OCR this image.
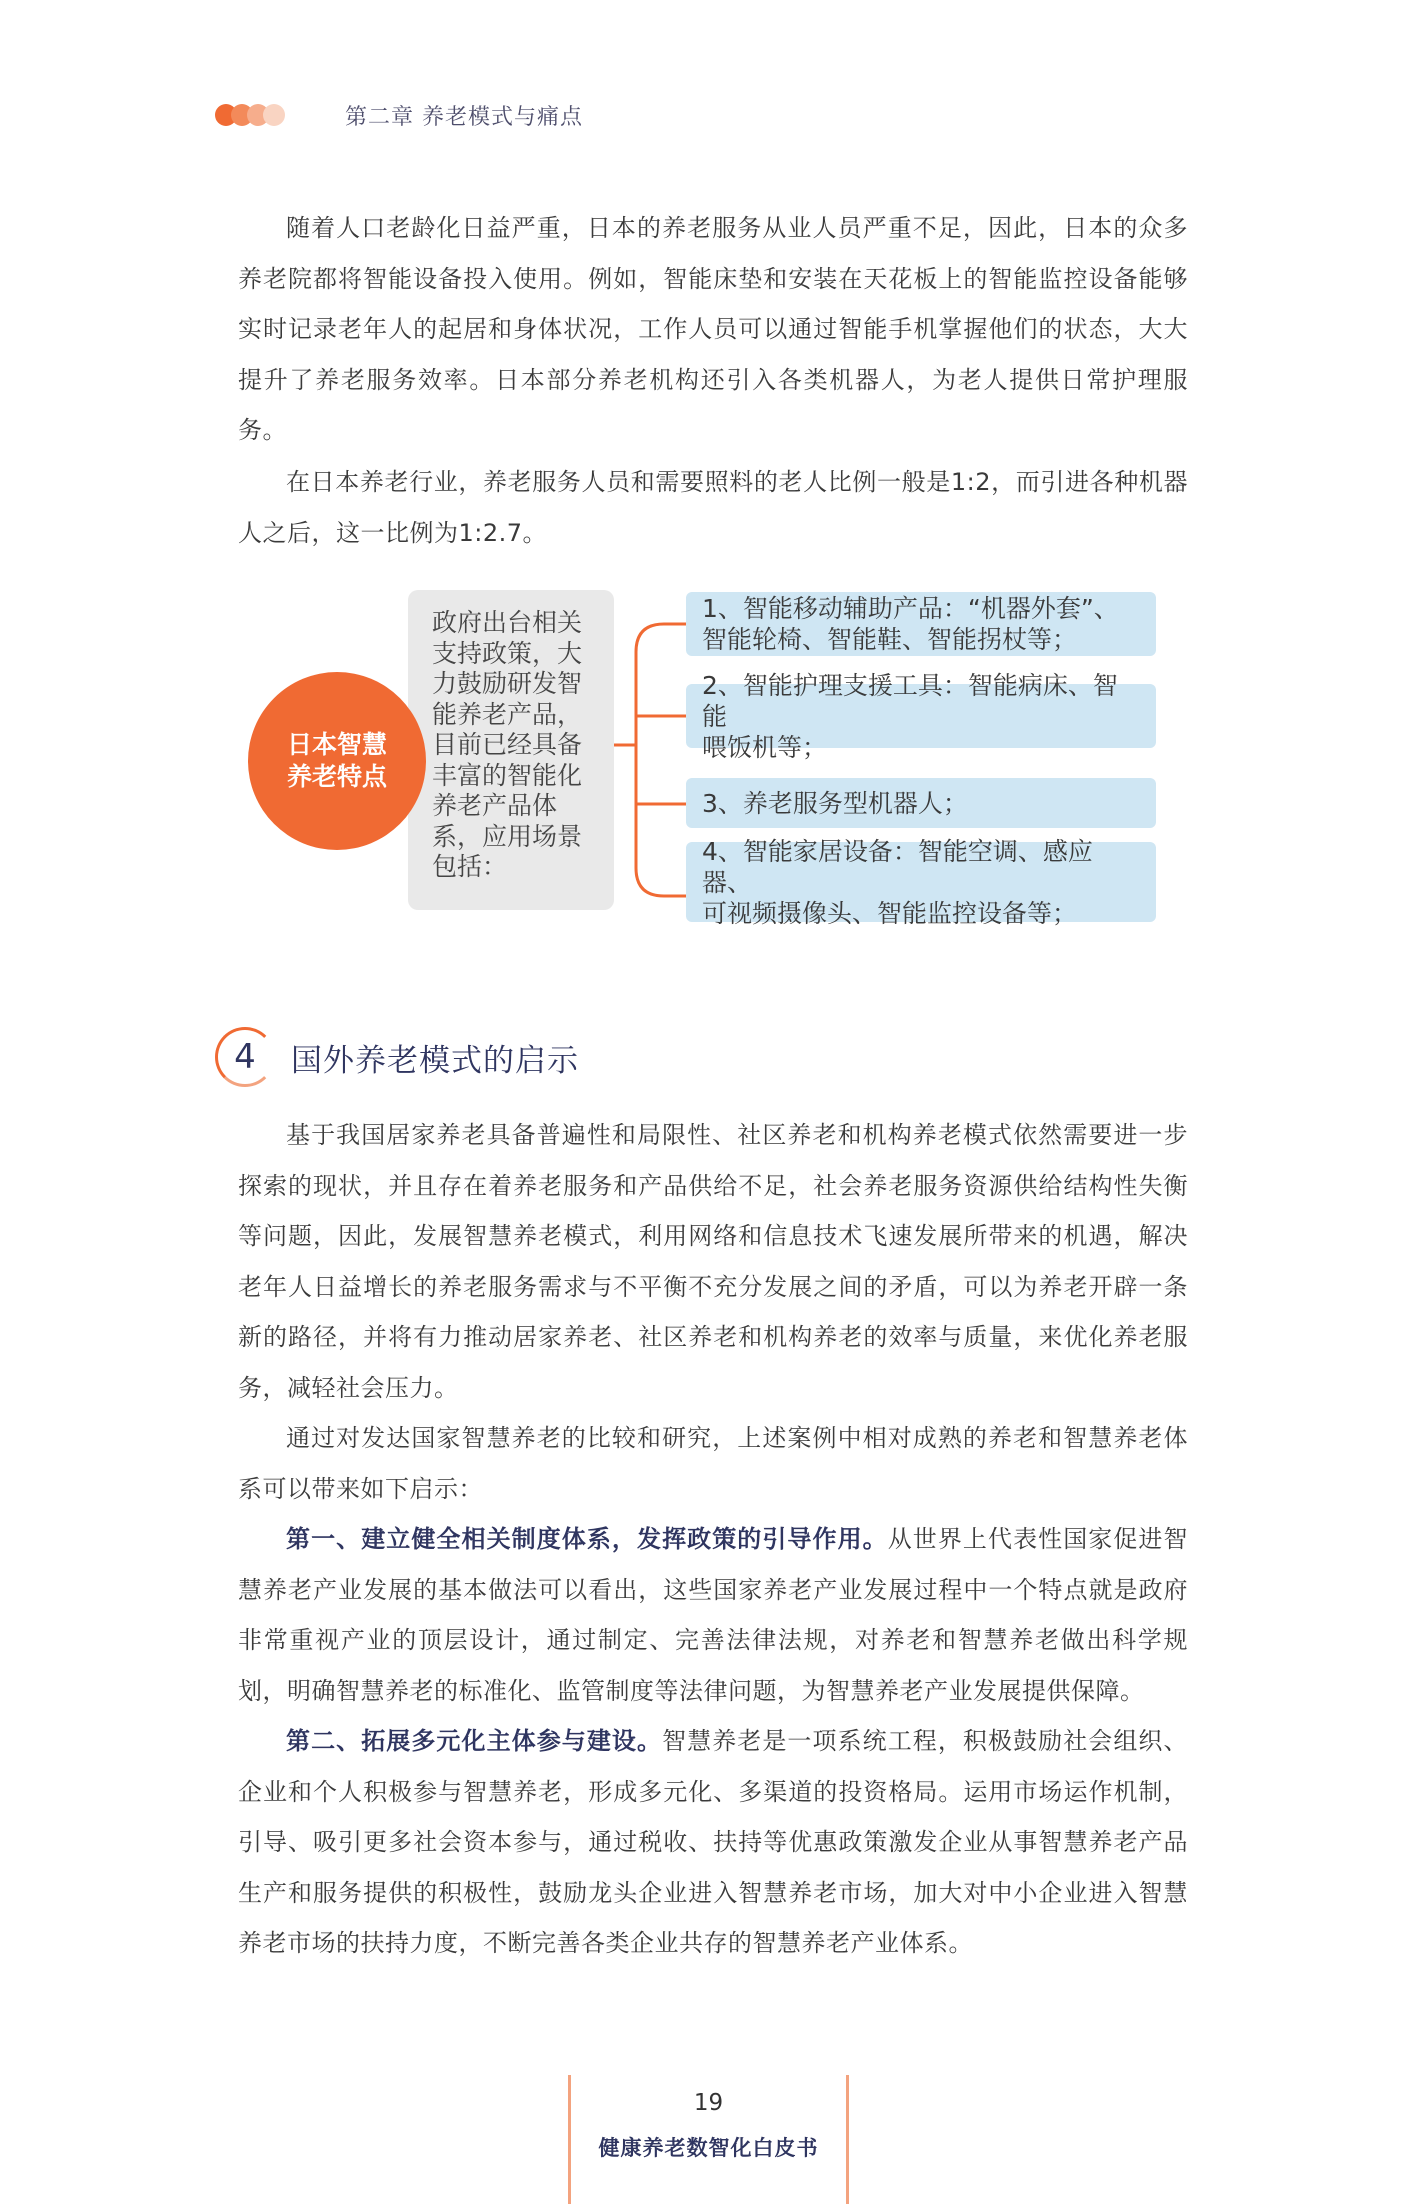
第二章 养老模式与痛点

随着人口老龄化日益严重，日本的养老服务从业人员严重不足，因此，日本的众多养老院都将智能设备投入使用。例如，智能床垫和安装在天花板上的智能监控设备能够实时记录老年人的起居和身体状况，工作人员可以通过智能手机掌握他们的状态，大大提升了养老服务效率。日本部分养老机构还引入各类机器人，为老人提供日常护理服务。

在日本养老行业，养老服务人员和需要照料的老人比例一般是1:2，而引进各种机器人之后，这一比例为1:2.7。

政府出台相关支持政策，大力鼓励研发智能养老产品，目前已经具备丰富的智能化养老产品体系，应用场景包括：
日本智慧
养老特点
1、智能移动辅助产品：“机器外套”、
智能轮椅、智能鞋、智能拐杖等；
2、智能护理支援工具：智能病床、智能
喂饭机等；
3、养老服务型机器人；
4、智能家居设备：智能空调、感应器、
可视频摄像头、智能监控设备等；
4	国外养老模式的启示

基于我国居家养老具备普遍性和局限性、社区养老和机构养老模式依然需要进一步探索的现状，并且存在着养老服务和产品供给不足，社会养老服务资源供给结构性失衡等问题，因此，发展智慧养老模式，利用网络和信息技术飞速发展所带来的机遇，解决老年人日益增长的养老服务需求与不平衡不充分发展之间的矛盾，可以为养老开辟一条新的路径，并将有力推动居家养老、社区养老和机构养老的效率与质量，来优化养老服务，减轻社会压力。

通过对发达国家智慧养老的比较和研究，上述案例中相对成熟的养老和智慧养老体系可以带来如下启示：

第一、建立健全相关制度体系，发挥政策的引导作用。从世界上代表性国家促进智慧养老产业发展的基本做法可以看出，这些国家养老产业发展过程中一个特点就是政府非常重视产业的顶层设计，通过制定、完善法律法规，对养老和智慧养老做出科学规划，明确智慧养老的标准化、监管制度等法律问题，为智慧养老产业发展提供保障。

第二、拓展多元化主体参与建设。智慧养老是一项系统工程，积极鼓励社会组织、企业和个人积极参与智慧养老，形成多元化、多渠道的投资格局。运用市场运作机制，引导、吸引更多社会资本参与，通过税收、扶持等优惠政策激发企业从事智慧养老产品生产和服务提供的积极性，鼓励龙头企业进入智慧养老市场，加大对中小企业进入智慧养老市场的扶持力度，不断完善各类企业共存的智慧养老产业体系。

19
健康养老数智化白皮书
